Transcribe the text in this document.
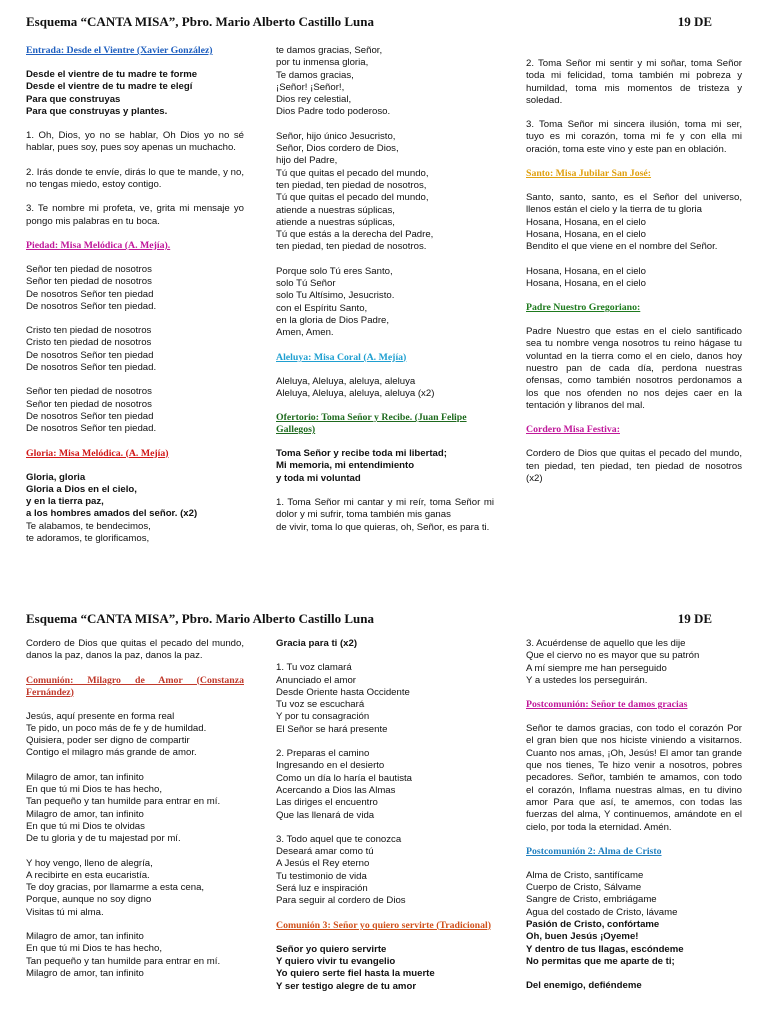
Esquema “CANTA MISA”, Pbro. Mario Alberto Castillo Luna	19 DE
Entrada: Desde el Vientre (Xavier González)
Desde el vientre de tu madre te forme
Desde el vientre de tu madre te elegí
Para que construyas
Para que construyas y plantes.
1. Oh, Dios, yo no se hablar, Oh Dios yo no sé hablar, pues soy, pues soy apenas un muchacho.
2. Irás donde te envíe, dirás lo que te mande, y no, no tengas miedo, estoy contigo.
3. Te nombre mi profeta, ve, grita mi mensaje yo pongo mis palabras en tu boca.
Piedad: Misa Melódica (A. Mejía).
Señor ten piedad de nosotros
Señor ten piedad de nosotros
De nosotros Señor ten piedad
De nosotros Señor ten piedad.
Cristo ten piedad de nosotros
Cristo ten piedad de nosotros
De nosotros Señor ten piedad
De nosotros Señor ten piedad.
Señor ten piedad de nosotros
Señor ten piedad de nosotros
De nosotros Señor ten piedad
De nosotros Señor ten piedad.
Gloria: Misa Melódica. (A. Mejía)
Gloria, gloria
Gloria a Dios en el cielo,
y en la tierra paz,
a los hombres amados del señor. (x2)
Te alabamos, te bendecimos,
te adoramos, te glorificamos,
te damos gracias, Señor,
por tu inmensa gloria,
Te damos gracias,
¡Señor! ¡Señor!,
Dios rey celestial,
Dios Padre todo poderoso.
Señor, hijo único Jesucristo,
Señor, Dios cordero de Dios,
hijo del Padre,
Tú que quitas el pecado del mundo,
ten piedad, ten piedad de nosotros,
Tú que quitas el pecado del mundo,
atiende a nuestras súplicas,
atiende a nuestras súplicas,
Tú que estás a la derecha del Padre,
ten piedad, ten piedad de nosotros.
Porque solo Tú eres Santo,
solo Tú Señor
solo Tu Altísimo, Jesucristo.
con el Espíritu Santo,
en la gloria de Dios Padre,
Amen, Amen.
Aleluya: Misa Coral (A. Mejía)
Aleluya, Aleluya, aleluya, aleluya
Aleluya, Aleluya, aleluya, aleluya (x2)
Ofertorio: Toma Señor y Recibe. (Juan Felipe Gallegos)
Toma Señor y recibe toda mi libertad;
Mi memoria, mi entendimiento
y toda mi voluntad
1. Toma Señor mi cantar y mi reír, toma Señor mi dolor y mi sufrir, toma también mis ganas
de vivir, toma lo que quieras, oh, Señor, es para ti.
2. Toma Señor mi sentir y mi soñar, toma Señor toda mi felicidad, toma también mi pobreza y humildad, toma mis momentos de tristeza y soledad.
3. Toma Señor mi sincera ilusión, toma mi ser, tuyo es mi corazón, toma mi fe y con ella mi oración, toma este vino y este pan en oblación.
Santo: Misa Jubilar San José:
Santo, santo, santo, es el Señor del universo, llenos están el cielo y la tierra de tu gloria
Hosana, Hosana, en el cielo
Hosana, Hosana, en el cielo
Bendito el que viene en el nombre del Señor.
Hosana, Hosana, en el cielo
Hosana, Hosana, en el cielo
Padre Nuestro Gregoriano:
Padre Nuestro que estas en el cielo santificado sea tu nombre venga nosotros tu reino hágase tu voluntad en la tierra como el en cielo, danos hoy nuestro pan de cada día, perdona nuestras ofensas, como también nosotros perdonamos a los que nos ofenden no nos dejes caer en la tentación y libranos del mal.
Cordero Misa Festiva:
Cordero de Dios que quitas el pecado del mundo, ten piedad, ten piedad, ten piedad de nosotros (x2)
Esquema “CANTA MISA”, Pbro. Mario Alberto Castillo Luna	19 DE
Cordero de Dios que quitas el pecado del mundo, danos la paz, danos la paz, danos la paz.
Comunión: Milagro de Amor (Constanza Fernández)
Jesús, aquí presente en forma real
Te pido, un poco más de fe y de humildad.
Quisiera, poder ser digno de compartir
Contigo el milagro más grande de amor.
Milagro de amor, tan infinito
En que tú mi Dios te has hecho,
Tan pequeño y tan humilde para entrar en mí.
Milagro de amor, tan infinito
En que tú mi Dios te olvidas
De tu gloria y de tu majestad por mí.
Y hoy vengo, lleno de alegría,
A recibirte en esta eucaristía.
Te doy gracias, por llamarme a esta cena,
Porque, aunque no soy digno
Visitas tú mi alma.
Milagro de amor, tan infinito
En que tú mi Dios te has hecho,
Tan pequeño y tan humilde para entrar en mí.
Milagro de amor, tan infinito
Gracia para ti (x2)
1. Tu voz clamará
Anunciado el amor
Desde Oriente hasta Occidente
Tu voz se escuchará
Y por tu consagración
El Señor se hará presente
2. Preparas el camino
Ingresando en el desierto
Como un día lo haría el bautista
Acercando a Dios las Almas
Las diriges el encuentro
Que las llenará de vida
3. Todo aquel que te conozca
Deseará amar como tú
A Jesús el Rey eterno
Tu testimonio de vida
Será luz e inspiración
Para seguir al cordero de Dios
Comunión 3: Señor yo quiero servirte (Tradicional)
Señor yo quiero servirte
Y quiero vivir tu evangelio
Yo quiero serte fiel hasta la muerte
Y ser testigo alegre de tu amor
3. Acuérdense de aquello que les dije
Que el ciervo no es mayor que su patrón
A mí siempre me han perseguido
Y a ustedes los perseguirán.
Postcomunión: Señor te damos gracias
Señor te damos gracias, con todo el corazón Por el gran bien que nos hiciste viniendo a visitarnos. Cuanto nos amas, ¡Oh, Jesús! El amor tan grande que nos tienes, Te hizo venir a nosotros, pobres pecadores. Señor, también te amamos, con todo el corazón, Inflama nuestras almas, en tu divino amor Para que así, te amemos, con todas las fuerzas del alma, Y continuemos, amándote en el cielo, por toda la eternidad. Amén.
Postcomunión 2: Alma de Cristo
Alma de Cristo, santifícame
Cuerpo de Cristo, Sálvame
Sangre de Cristo, embriágame
Agua del costado de Cristo, lávame
Pasión de Cristo, confórtame
Oh, buen Jesús ¡Oyeme!
Y dentro de tus llagas, escóndeme
No permitas que me aparte de ti;
Del enemigo, defiéndeme
